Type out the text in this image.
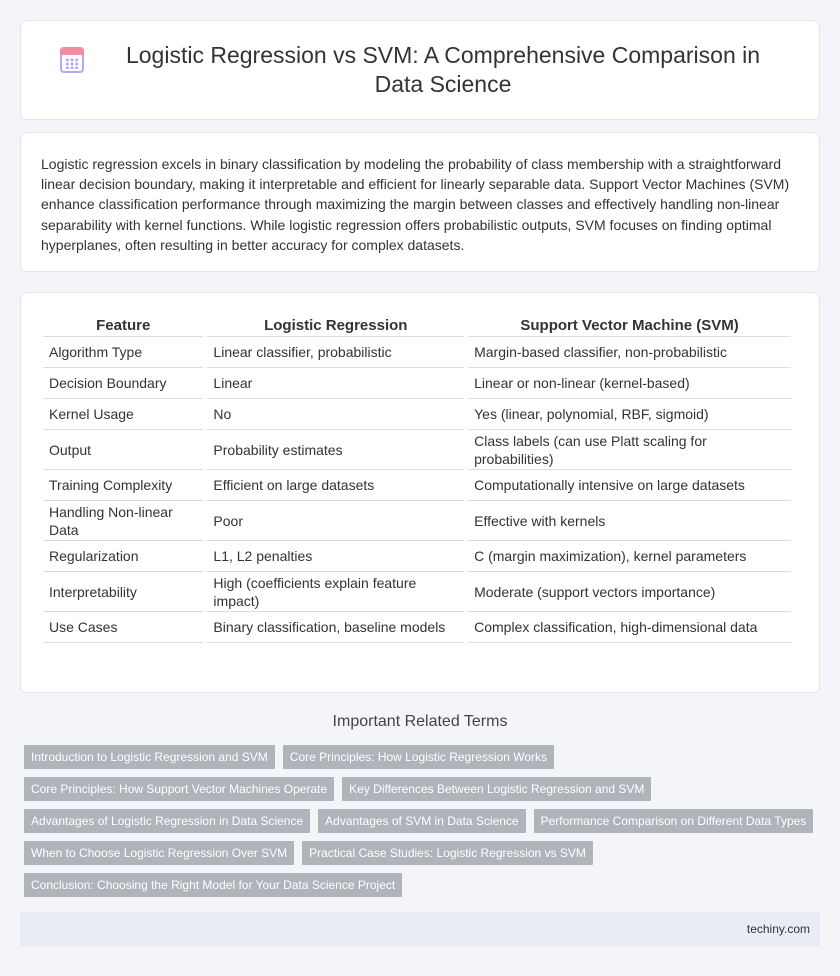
Logistic Regression vs SVM: A Comprehensive Comparison in Data Science

Logistic regression excels in binary classification by modeling the probability of class membership with a straightforward linear decision boundary, making it interpretable and efficient for linearly separable data. Support Vector Machines (SVM) enhance classification performance through maximizing the margin between classes and effectively handling non-linear separability with kernel functions. While logistic regression offers probabilistic outputs, SVM focuses on finding optimal hyperplanes, often resulting in better accuracy for complex datasets.

Feature	Logistic Regression	Support Vector Machine (SVM)
Algorithm Type	Linear classifier, probabilistic	Margin-based classifier, non-probabilistic
Decision Boundary	Linear	Linear or non-linear (kernel-based)
Kernel Usage	No	Yes (linear, polynomial, RBF, sigmoid)
Output	Probability estimates	Class labels (can use Platt scaling for probabilities)
Training Complexity	Efficient on large datasets	Computationally intensive on large datasets
Handling Non-linear Data	Poor	Effective with kernels
Regularization	L1, L2 penalties	C (margin maximization), kernel parameters
Interpretability	High (coefficients explain feature impact)	Moderate (support vectors importance)
Use Cases	Binary classification, baseline models	Complex classification, high-dimensional data
Important Related Terms
Introduction to Logistic Regression and SVM	Core Principles: How Logistic Regression Works
Core Principles: How Support Vector Machines Operate	Key Differences Between Logistic Regression and SVM
Advantages of Logistic Regression in Data Science	Advantages of SVM in Data Science	Performance Comparison on Different Data Types
When to Choose Logistic Regression Over SVM	Practical Case Studies: Logistic Regression vs SVM
Conclusion: Choosing the Right Model for Your Data Science Project
techiny.com
